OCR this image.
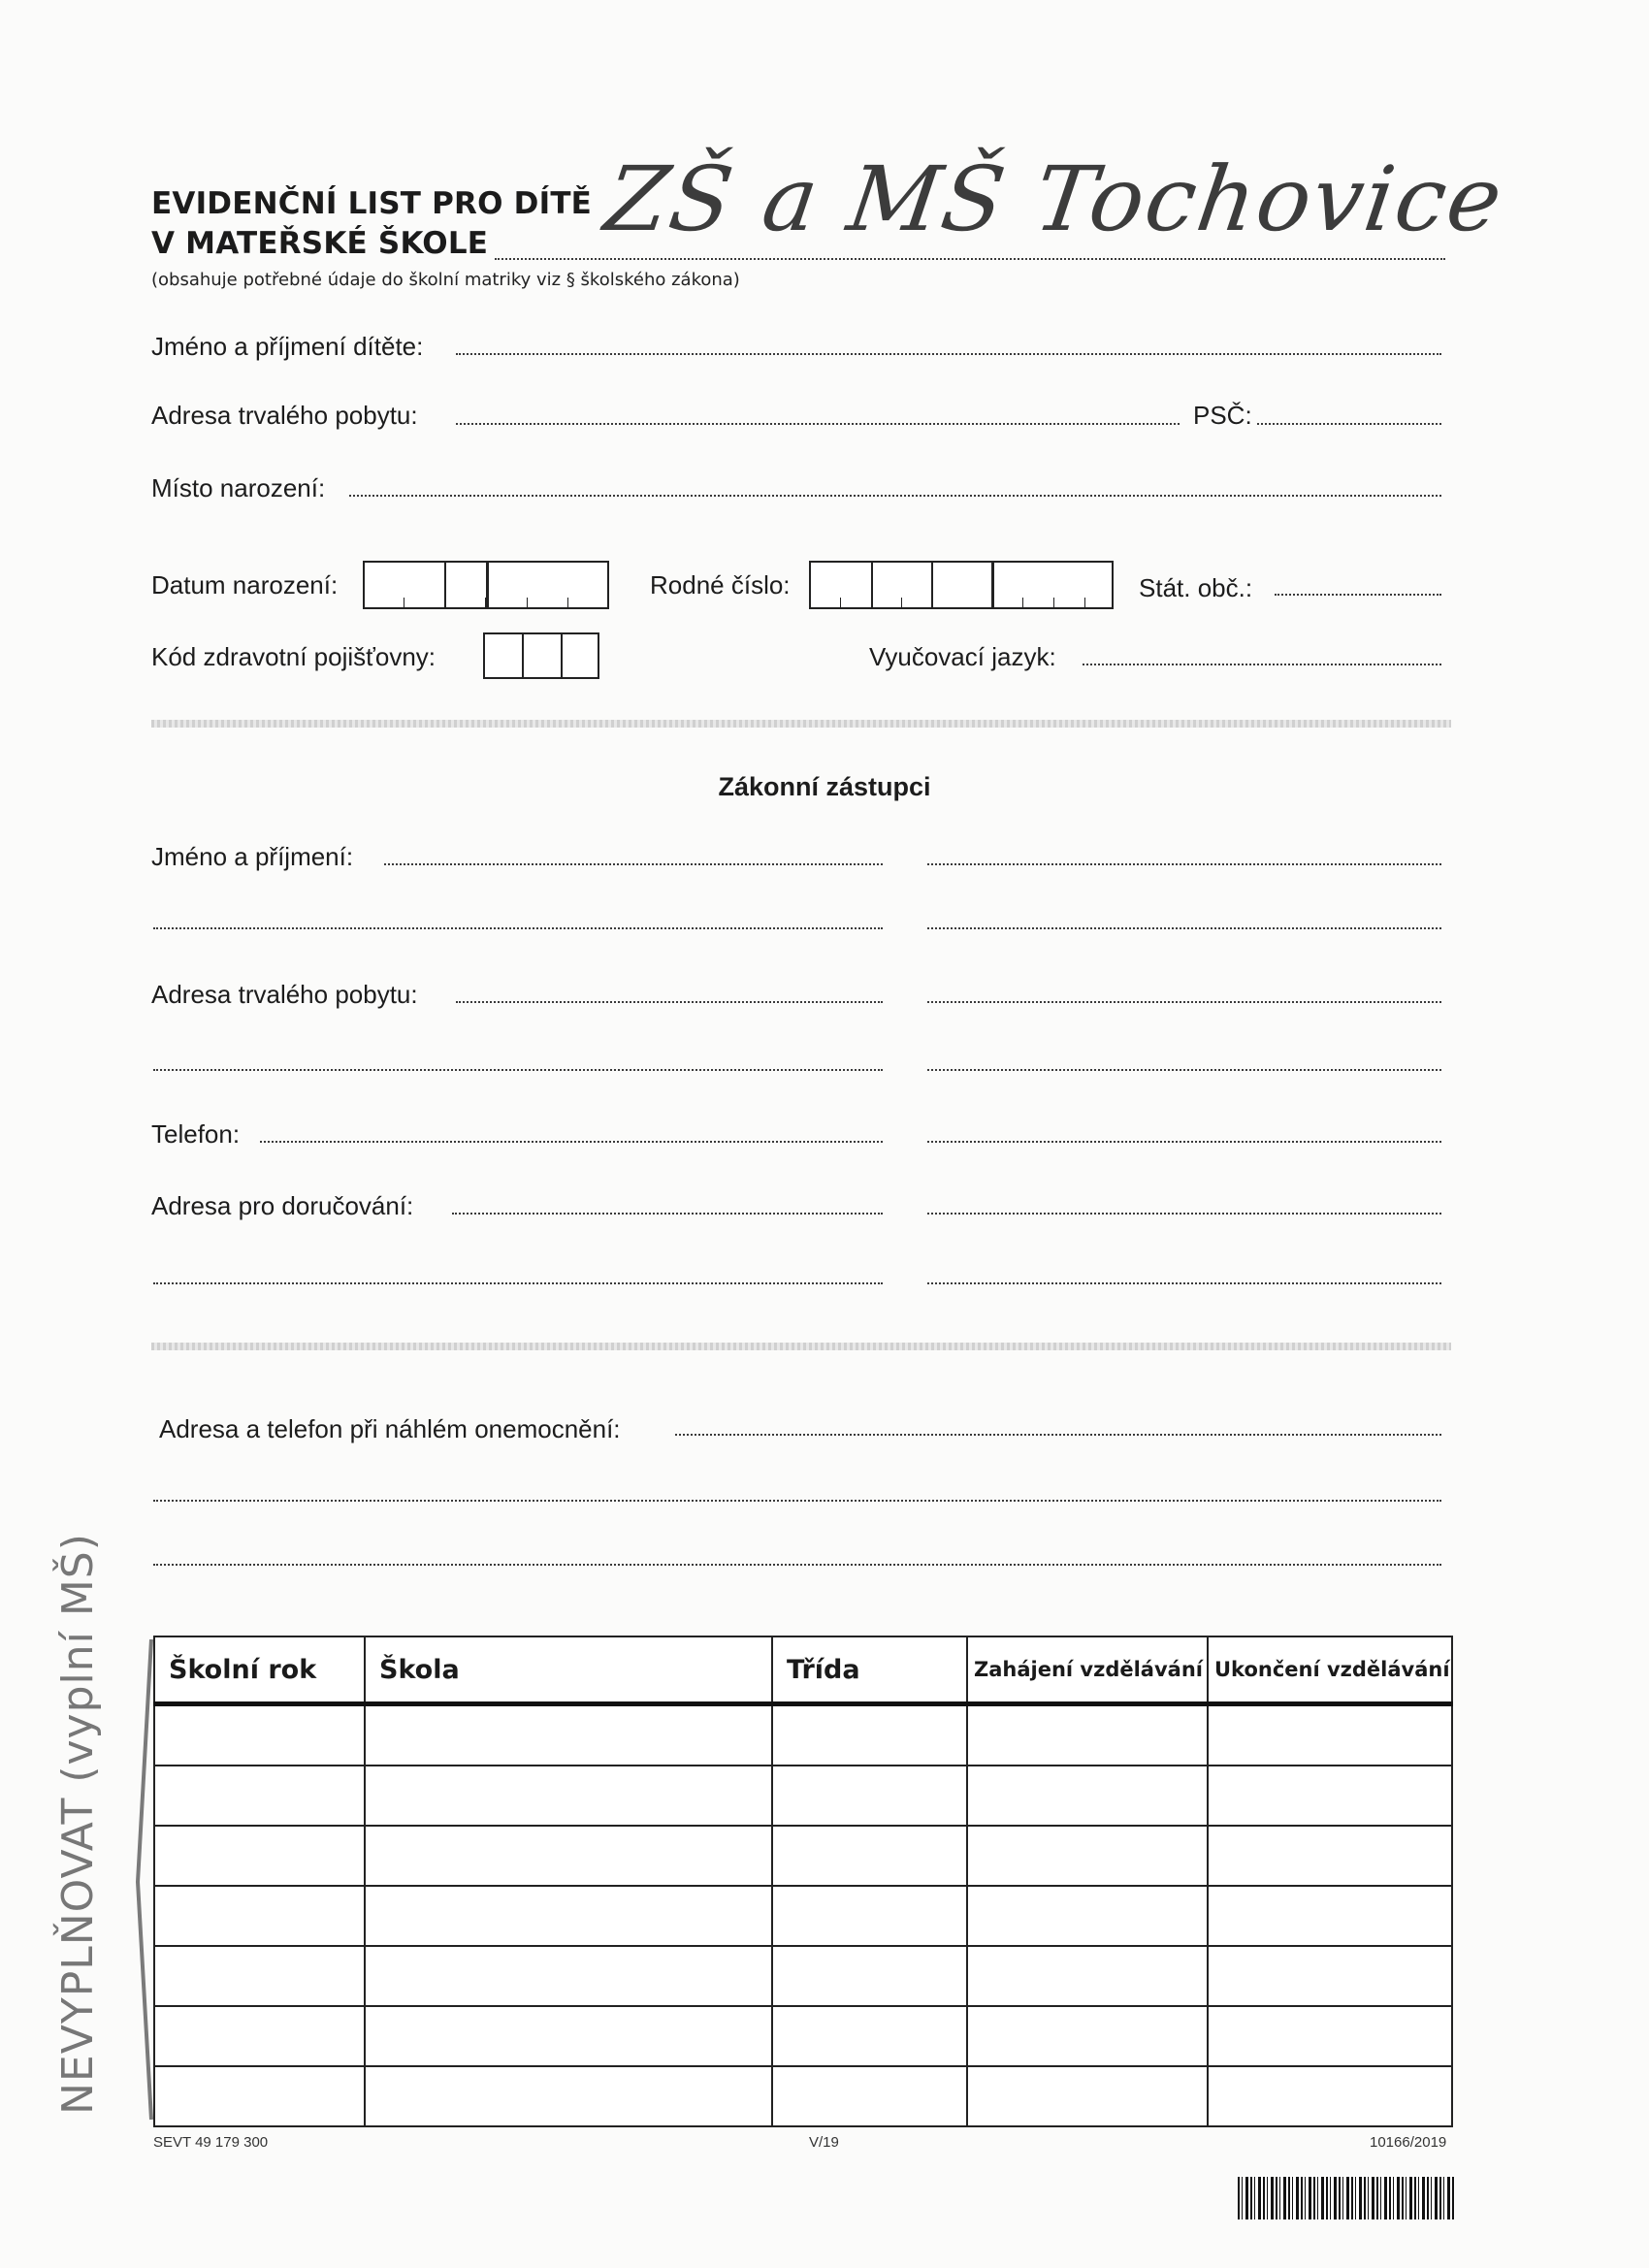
EVIDENČNÍ LIST PRO DÍTĚ
V MATEŘSKÉ ŠKOLE ZŠ a MŠ Tochovice
(obsahuje potřebné údaje do školní matriky viz § školského zákona)
Jméno a příjmení dítěte:
Adresa trvalého pobytu:	PSČ:
Místo narození:
Datum narození:	Rodné číslo:	Stát. obč.:
Kód zdravotní pojišťovny:	Vyučovací jazyk:
Zákonní zástupci
Jméno a příjmení:
Adresa trvalého pobytu:
Telefon:
Adresa pro doručování:
Adresa a telefon při náhlém onemocnění:
NEVYPLŇOVAT (vyplní MŠ)	Školní rok	Škola	Třída	Zahájení vzdělávání	Ukončení vzdělávání

SEVT 49 179 300	V/19	10166/2019
